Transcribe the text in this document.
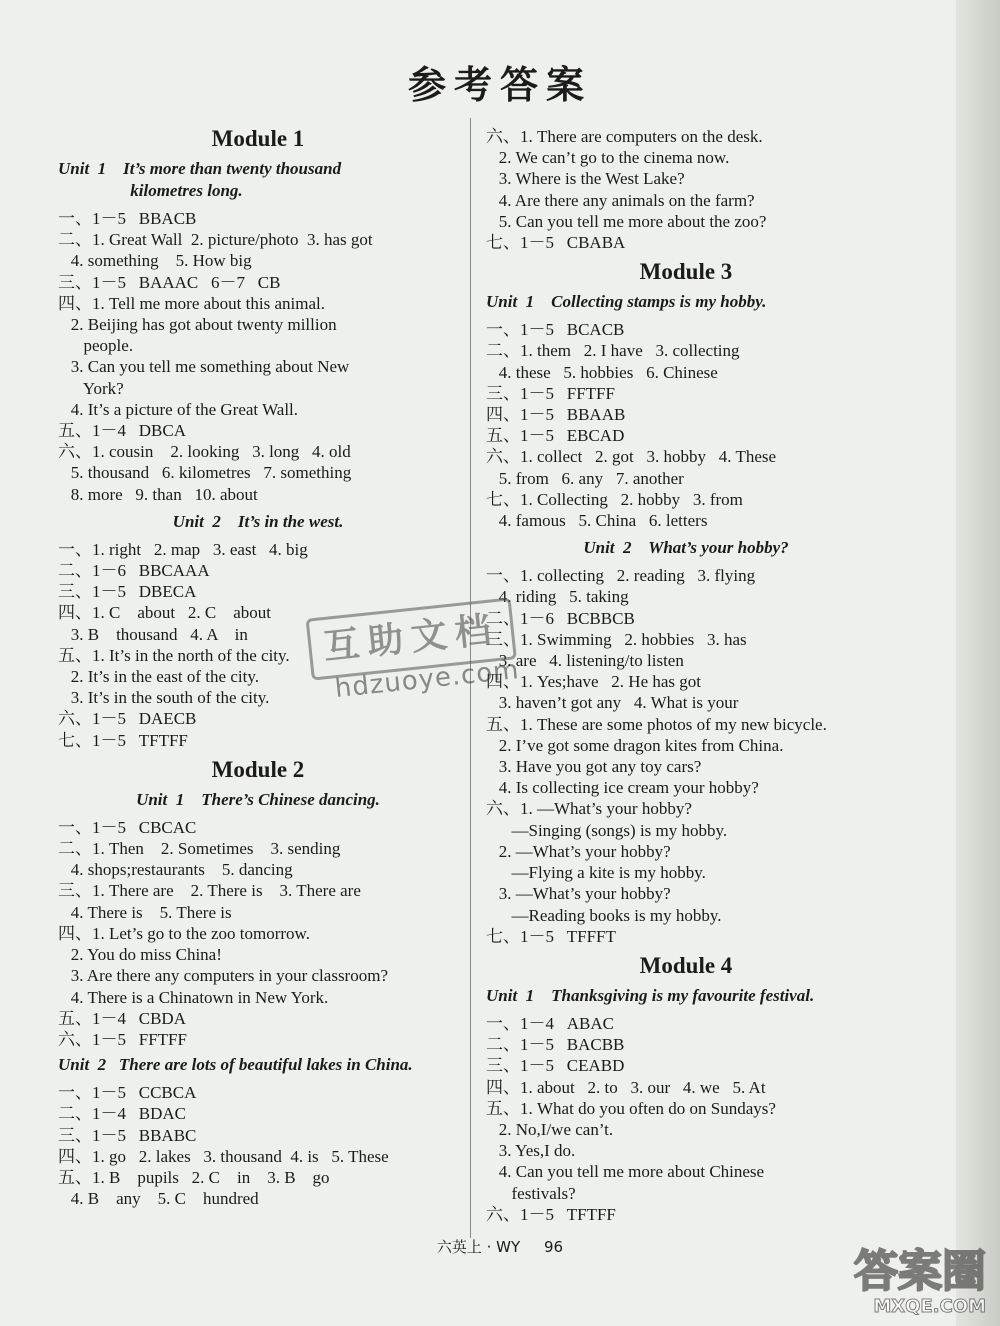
参考答案
Module 1
Unit  1    It’s more than twenty thousand
kilometres long.
一、1－5   BBACB
二、1. Great Wall  2. picture/photo  3. has got
4. something    5. How big
三、1－5   BAAAC   6－7   CB
四、1. Tell me more about this animal.
2. Beijing has got about twenty million
people.
3. Can you tell me something about New
York?
4. It’s a picture of the Great Wall.
五、1－4   DBCA
六、1. cousin    2. looking   3. long   4. old
5. thousand   6. kilometres   7. something
8. more   9. than   10. about
Unit  2    It’s in the west.
一、1. right   2. map   3. east   4. big
二、1－6   BBCAAA
三、1－5   DBECA
四、1. C    about   2. C    about
3. B    thousand   4. A    in
五、1. It’s in the north of the city.
2. It’s in the east of the city.
3. It’s in the south of the city.
六、1－5   DAECB
七、1－5   TFTFF
Module 2
Unit  1    There’s Chinese dancing.
一、1－5   CBCAC
二、1. Then    2. Sometimes    3. sending
4. shops;restaurants    5. dancing
三、1. There are    2. There is    3. There are
4. There is    5. There is
四、1. Let’s go to the zoo tomorrow.
2. You do miss China!
3. Are there any computers in your classroom?
4. There is a Chinatown in New York.
五、1－4   CBDA
六、1－5   FFTFF
Unit  2   There are lots of beautiful lakes in China.
一、1－5   CCBCA
二、1－4   BDAC
三、1－5   BBABC
四、1. go   2. lakes   3. thousand  4. is   5. These
五、1. B    pupils   2. C    in    3. B    go
4. B    any    5. C    hundred
六、1. There are computers on the desk.
2. We can’t go to the cinema now.
3. Where is the West Lake?
4. Are there any animals on the farm?
5. Can you tell me more about the zoo?
七、1－5   CBABA
Module 3
Unit  1    Collecting stamps is my hobby.
一、1－5   BCACB
二、1. them   2. I have   3. collecting
4. these   5. hobbies   6. Chinese
三、1－5   FFTFF
四、1－5   BBAAB
五、1－5   EBCAD
六、1. collect   2. got   3. hobby   4. These
5. from   6. any   7. another
七、1. Collecting   2. hobby   3. from
4. famous   5. China   6. letters
Unit  2    What’s your hobby?
一、1. collecting   2. reading   3. flying
4. riding   5. taking
二、1－6   BCBBCB
三、1. Swimming   2. hobbies   3. has
3. are   4. listening/to listen
四、1. Yes;have   2. He has got
3. haven’t got any   4. What is your
五、1. These are some photos of my new bicycle.
2. I’ve got some dragon kites from China.
3. Have you got any toy cars?
4. Is collecting ice cream your hobby?
六、1. —What’s your hobby?
—Singing (songs) is my hobby.
2. —What’s your hobby?
—Flying a kite is my hobby.
3. —What’s your hobby?
—Reading books is my hobby.
七、1－5   TFFFT
Module 4
Unit  1    Thanksgiving is my favourite festival.
一、1－4   ABAC
二、1－5   BACBB
三、1－5   CEABD
四、1. about   2. to   3. our   4. we   5. At
五、1. What do you often do on Sundays?
2. No,I/we can’t.
3. Yes,I do.
4. Can you tell me more about Chinese
festivals?
六、1－5   TFTFF
六英上 · WY     96
互助文档
hdzuoye.com
答案圈
MXQE.COM
